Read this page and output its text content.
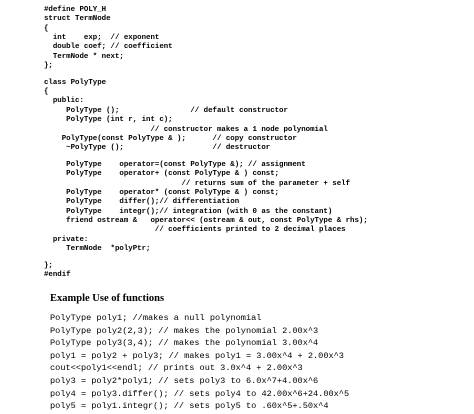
#define POLY_H
struct TermNode
{
int    exp;  // exponent
double coef; // coefficient
TermNode * next;
};
class PolyType
{
public:
PolyType ();                // default constructor
PolyType (int r, int c);
// constructor makes a 1 node polynomial
PolyType(const PolyType & );      // copy constructor
~PolyType ();                    // destructor
PolyType    operator=(const PolyType &); // assignment
PolyType    operator+ (const PolyType & ) const;
// returns sum of the parameter + self
PolyType    operator* (const PolyType & ) const;
PolyType    differ();// differentiation
PolyType    integr();// integration (with 0 as the constant)
friend ostream &   operator<< (ostream & out, const PolyType & rhs);
// coefficients printed to 2 decimal places
private:
TermNode  *polyPtr;
};
#endif
Example Use of functions
PolyType poly1; //makes a null polynomial
PolyType poly2(2,3); // makes the polynomial 2.00x^3
PolyType poly3(3,4); // makes the polynomial 3.00x^4
poly1 = poly2 + poly3; // makes poly1 = 3.00x^4 + 2.00x^3
cout<<poly1<<endl; // prints out 3.0x^4 + 2.00x^3
poly3 = poly2*poly1; // sets poly3 to 6.0x^7+4.00x^6
poly4 = poly3.differ(); // sets poly4 to 42.00x^6+24.00x^5
poly5 = poly1.integr(); // sets poly5 to .60x^5+.50x^4
